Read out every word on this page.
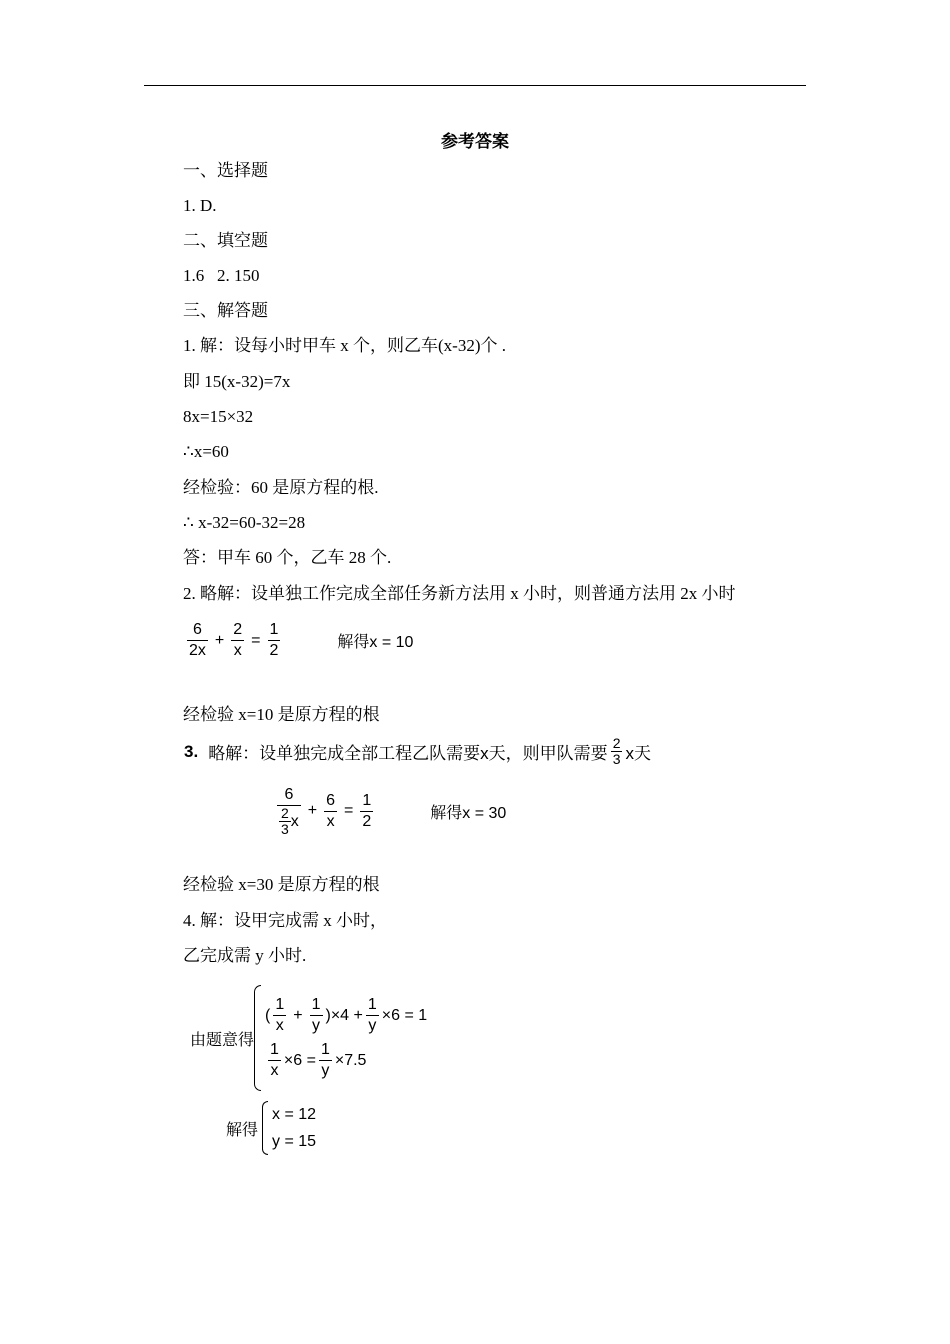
参考答案
一、选择题
1. D.
二、填空题
1.6   2. 150
三、解答题
1. 解：设每小时甲车 x 个，则乙车(x-32)个 .
即 15(x-32)=7x
8x=15×32
∴x=60
经检验：60 是原方程的根.
∴ x-32=60-32=28
答：甲车 60 个，乙车 28 个.
2. 略解：设单独工作完成全部任务新方法用 x 小时，则普通方法用 2x 小时
$\frac{6}{2x} + \frac{2}{x} = \frac{1}{2}$	解得x = 10
经检验 x=10 是原方程的根
3. 略解：设单独完成全部工程乙队需要x天，则甲队需要 $\frac{2}{3}$ x天
$\frac{6}{\frac{2}{3} x} + \frac{6}{x} = \frac{1}{2}$	解得x = 30
经检验 x=30 是原方程的根
4. 解：设甲完成需 x 小时，
乙完成需 y 小时.
由题意得
( $\frac{1}{x} + \frac{1}{y} )\times 4 + \frac{1}{y} \times 6 = 1$
$\frac{1}{x} \times 6 = \frac{1}{y} \times 7.5$
解得
x = 12
y = 15
